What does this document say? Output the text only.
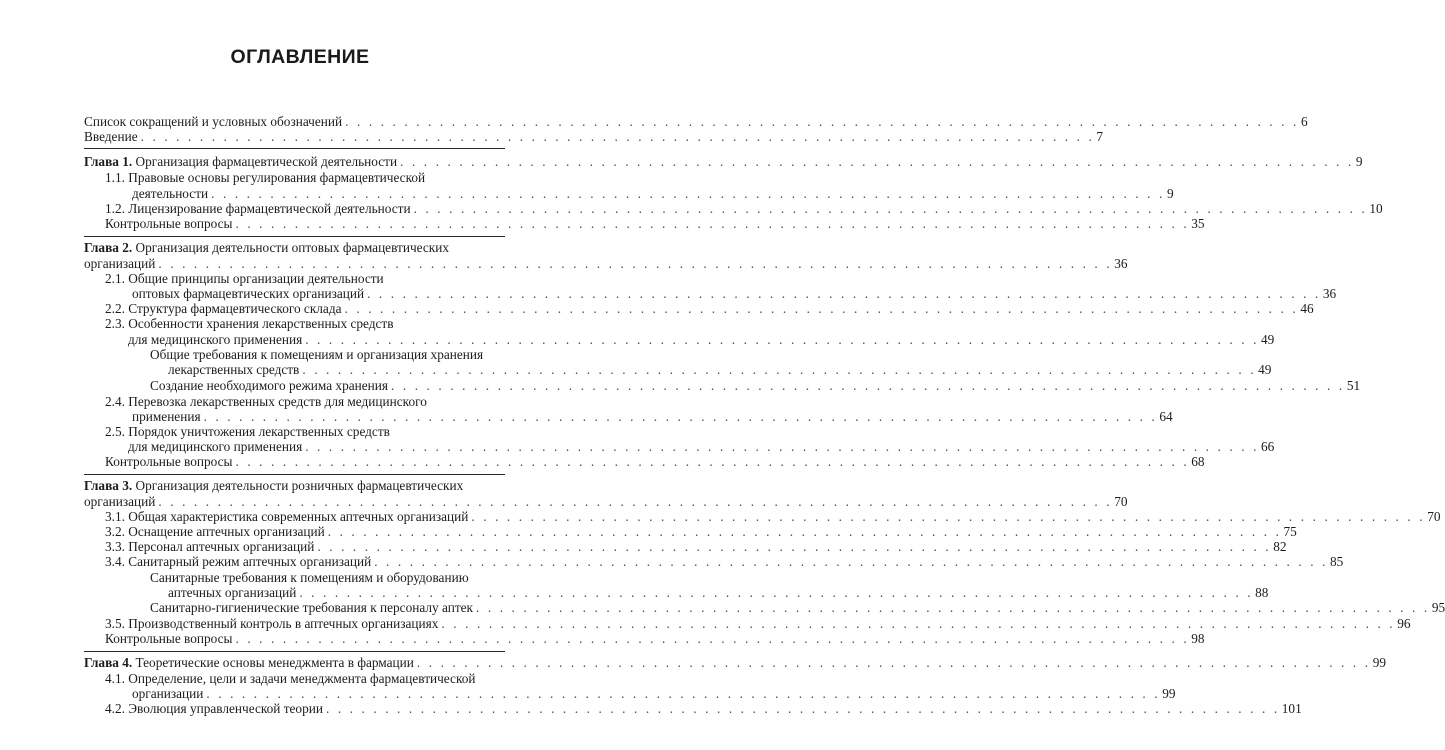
ОГЛАВЛЕНИЕ
Список сокращений и условных обозначений . . . . . . . . . . . . . . . . . . . . . . . . . . . . . . . . . . . . . . . . . . . . . . . . . . . . . . . . . . . . . . . . . . . . . . . . . . . . . . . . . 6
Введение . . . . . . . . . . . . . . . . . . . . . . . . . . . . . . . . . . . . . . . . . . . . . . . . . . . . . . . . . . . . . . . . . . . . . . . . . . . . . . . . . 7
Глава 1. Организация фармацевтической деятельности . . . . . . . . . . . . . . . . . . . . . . . . . . . . . . . . . . . . . . . . . . . . . . . . . . . . . . . . . . . . . . . . . . . . . . . . . . . . . . . . . 9
1.1. Правовые основы регулирования фармацевтической
деятельности . . . . . . . . . . . . . . . . . . . . . . . . . . . . . . . . . . . . . . . . . . . . . . . . . . . . . . . . . . . . . . . . . . . . . . . . . . . . . . . . . 9
1.2. Лицензирование фармацевтической деятельности . . . . . . . . . . . . . . . . . . . . . . . . . . . . . . . . . . . . . . . . . . . . . . . . . . . . . . . . . . . . . . . . . . . . . . . . . . . . . . . . . 10
Контрольные вопросы . . . . . . . . . . . . . . . . . . . . . . . . . . . . . . . . . . . . . . . . . . . . . . . . . . . . . . . . . . . . . . . . . . . . . . . . . . . . . . . . . 35
Глава 2. Организация деятельности оптовых фармацевтических
организаций . . . . . . . . . . . . . . . . . . . . . . . . . . . . . . . . . . . . . . . . . . . . . . . . . . . . . . . . . . . . . . . . . . . . . . . . . . . . . . . . . 36
2.1. Общие принципы организации деятельности
оптовых фармацевтических организаций . . . . . . . . . . . . . . . . . . . . . . . . . . . . . . . . . . . . . . . . . . . . . . . . . . . . . . . . . . . . . . . . . . . . . . . . . . . . . . . . . 36
2.2. Структура фармацевтического склада . . . . . . . . . . . . . . . . . . . . . . . . . . . . . . . . . . . . . . . . . . . . . . . . . . . . . . . . . . . . . . . . . . . . . . . . . . . . . . . . . 46
2.3. Особенности хранения лекарственных средств
для медицинского применения . . . . . . . . . . . . . . . . . . . . . . . . . . . . . . . . . . . . . . . . . . . . . . . . . . . . . . . . . . . . . . . . . . . . . . . . . . . . . . . . . 49
Общие требования к помещениям и организация хранения
лекарственных средств . . . . . . . . . . . . . . . . . . . . . . . . . . . . . . . . . . . . . . . . . . . . . . . . . . . . . . . . . . . . . . . . . . . . . . . . . . . . . . . . . 49
Создание необходимого режима хранения . . . . . . . . . . . . . . . . . . . . . . . . . . . . . . . . . . . . . . . . . . . . . . . . . . . . . . . . . . . . . . . . . . . . . . . . . . . . . . . . . 51
2.4. Перевозка лекарственных средств для медицинского
применения . . . . . . . . . . . . . . . . . . . . . . . . . . . . . . . . . . . . . . . . . . . . . . . . . . . . . . . . . . . . . . . . . . . . . . . . . . . . . . . . . 64
2.5. Порядок уничтожения лекарственных средств
для медицинского применения . . . . . . . . . . . . . . . . . . . . . . . . . . . . . . . . . . . . . . . . . . . . . . . . . . . . . . . . . . . . . . . . . . . . . . . . . . . . . . . . . 66
Контрольные вопросы . . . . . . . . . . . . . . . . . . . . . . . . . . . . . . . . . . . . . . . . . . . . . . . . . . . . . . . . . . . . . . . . . . . . . . . . . . . . . . . . . 68
Глава 3. Организация деятельности розничных фармацевтических
организаций . . . . . . . . . . . . . . . . . . . . . . . . . . . . . . . . . . . . . . . . . . . . . . . . . . . . . . . . . . . . . . . . . . . . . . . . . . . . . . . . . 70
3.1. Общая характеристика современных аптечных организаций . . . . . . . . . . . . . . . . . . . . . . . . . . . . . . . . . . . . . . . . . . . . . . . . . . . . . . . . . . . . . . . . . . . . . . . . . . . . . . . . . 70
3.2. Оснащение аптечных организаций . . . . . . . . . . . . . . . . . . . . . . . . . . . . . . . . . . . . . . . . . . . . . . . . . . . . . . . . . . . . . . . . . . . . . . . . . . . . . . . . . 75
3.3. Персонал аптечных организаций . . . . . . . . . . . . . . . . . . . . . . . . . . . . . . . . . . . . . . . . . . . . . . . . . . . . . . . . . . . . . . . . . . . . . . . . . . . . . . . . . 82
3.4. Санитарный режим аптечных организаций . . . . . . . . . . . . . . . . . . . . . . . . . . . . . . . . . . . . . . . . . . . . . . . . . . . . . . . . . . . . . . . . . . . . . . . . . . . . . . . . . 85
Санитарные требования к помещениям и оборудованию
аптечных организаций . . . . . . . . . . . . . . . . . . . . . . . . . . . . . . . . . . . . . . . . . . . . . . . . . . . . . . . . . . . . . . . . . . . . . . . . . . . . . . . . . 88
Санитарно-гигиенические требования к персоналу аптек . . . . . . . . . . . . . . . . . . . . . . . . . . . . . . . . . . . . . . . . . . . . . . . . . . . . . . . . . . . . . . . . . . . . . . . . . . . . . . . . . 95
3.5. Производственный контроль в аптечных организациях . . . . . . . . . . . . . . . . . . . . . . . . . . . . . . . . . . . . . . . . . . . . . . . . . . . . . . . . . . . . . . . . . . . . . . . . . . . . . . . . . 96
Контрольные вопросы . . . . . . . . . . . . . . . . . . . . . . . . . . . . . . . . . . . . . . . . . . . . . . . . . . . . . . . . . . . . . . . . . . . . . . . . . . . . . . . . . 98
Глава 4. Теоретические основы менеджмента в фармации . . . . . . . . . . . . . . . . . . . . . . . . . . . . . . . . . . . . . . . . . . . . . . . . . . . . . . . . . . . . . . . . . . . . . . . . . . . . . . . . . 99
4.1. Определение, цели и задачи менеджмента фармацевтической
организации . . . . . . . . . . . . . . . . . . . . . . . . . . . . . . . . . . . . . . . . . . . . . . . . . . . . . . . . . . . . . . . . . . . . . . . . . . . . . . . . . 99
4.2. Эволюция управленческой теории . . . . . . . . . . . . . . . . . . . . . . . . . . . . . . . . . . . . . . . . . . . . . . . . . . . . . . . . . . . . . . . . . . . . . . . . . . . . . . . . . 101
